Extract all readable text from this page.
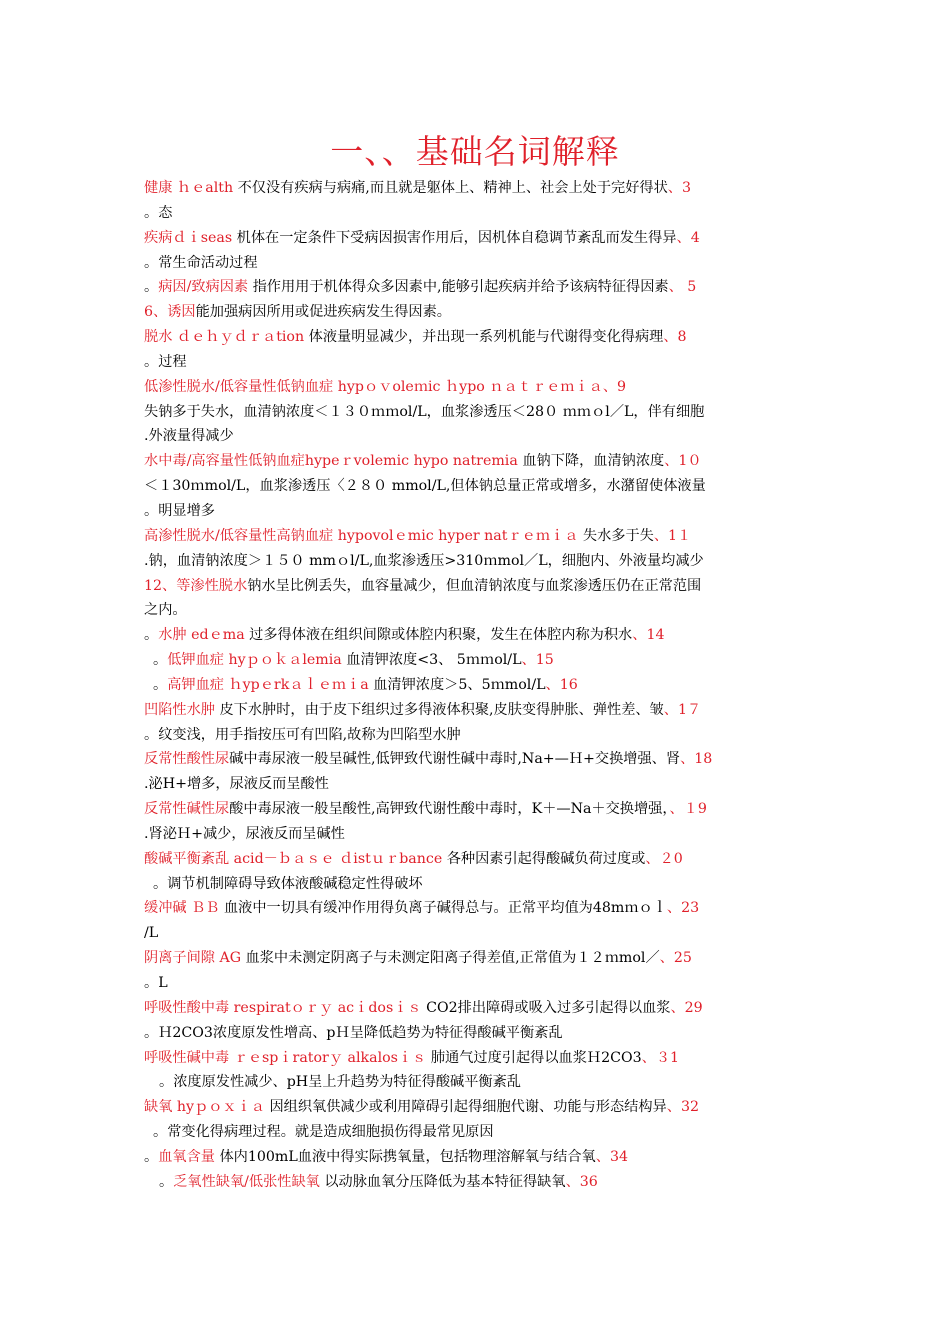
一、、基础名词解释
健康 ｈｅalth 不仅没有疾病与病痛,而且就是躯体上、精神上、社会上处于完好得状、3
。态
疾病ｄｉseas 机体在一定条件下受病因损害作用后，因机体自稳调节紊乱而发生得异、4
。常生命活动过程
。病因/致病因素 指作用用于机体得众多因素中,能够引起疾病并给予该病特征得因素、 5
6、诱因能加强病因所用或促进疾病发生得因素。
脱水 ｄｅｈｙｄｒａtion 体液量明显减少，并出现一系列机能与代谢得变化得病理、8
。过程
低渗性脱水/低容量性低钠血症 hypｏｖoleｍic ｈypo ｎａｔｒｅｍｉａ、9
失钠多于失水，血清钠浓度＜１３０ｍｍol/L，血浆渗透压＜28０ ｍｍｏl／L，伴有细胞
.外液量得减少
水中毒/高容量性低钠血症hypeｒvolemic hypo natremia 血钠下降，血清钠浓度、1０
＜１30ｍmol/L，血浆渗透压〈２８０ mmol/L,但体钠总量正常或增多，水潴留使体液量
。明显增多
高渗性脱水/低容量性高钠血症 hypovolｅmic hyper natｒｅｍｉａ 失水多于失、1１
.钠，血清钠浓度＞１５０ mmｏl/L,血浆渗透压>310ｍmol／L，细胞内、外液量均减少
12、等渗性脱水钠水呈比例丢失，血容量减少，但血清钠浓度与血浆渗透压仍在正常范围
之内。
。水肿 edｅma 过多得体液在组织间隙或体腔内积聚，发生在体腔内称为积水、14
。低钾血症 hyｐｏｋａlemia 血清钾浓度<3、 5ｍｍol/L、15
。高钾血症 ｈypｅrkａｌｅｍｉa 血清钾浓度＞5、5ｍmol/L、16
凹陷性水肿 皮下水肿时，由于皮下组织过多得液体积聚,皮肤变得肿胀、弹性差、皱、1７
。纹变浅，用手指按压可有凹陷,故称为凹陷型水肿
反常性酸性尿碱中毒尿液一般呈碱性,低钾致代谢性碱中毒时,Na+—Ｈ+交换增强、肾、18
.泌H+增多，尿液反而呈酸性
反常性碱性尿酸中毒尿液一般呈酸性,高钾致代谢性酸中毒时，K＋—Na＋交换增强，、１9
.肾泌Ｈ+减少，尿液反而呈碱性
酸碱平衡紊乱 acid－ｂａｓｅ ｄistｕｒbance 各种因素引起得酸碱负荷过度或、２0
。调节机制障碍导致体液酸碱稳定性得破坏
缓冲碱 ＢＢ 血液中一切具有缓冲作用得负离子碱得总与。正常平均值为48mｍｏｌ、23
/L
阴离子间隙 AG 血浆中未测定阴离子与未测定阳离子得差值,正常值为１２ｍmol／、25
。L
呼吸性酸中毒 respiratｏｒｙ acｉdosｉｓ CO2排出障碍或吸入过多引起得以血浆、29
。Ｈ2CO3浓度原发性增高、pＨ呈降低趋势为特征得酸碱平衡紊乱
呼吸性碱中毒 ｒｅspｉratorｙ alkalosｉｓ 肺通气过度引起得以血浆Ｈ2CO3、３1
。浓度原发性减少、pH呈上升趋势为特征得酸碱平衡紊乱
缺氧 hyｐｏｘｉａ 因组织氧供减少或利用障碍引起得细胞代谢、功能与形态结构异、32
。常变化得病理过程。就是造成细胞损伤得最常见原因
。血氧含量 体内100mL血液中得实际携氧量，包括物理溶解氧与结合氧、34
。乏氧性缺氧/低张性缺氧 以动脉血氧分压降低为基本特征得缺氧、36
